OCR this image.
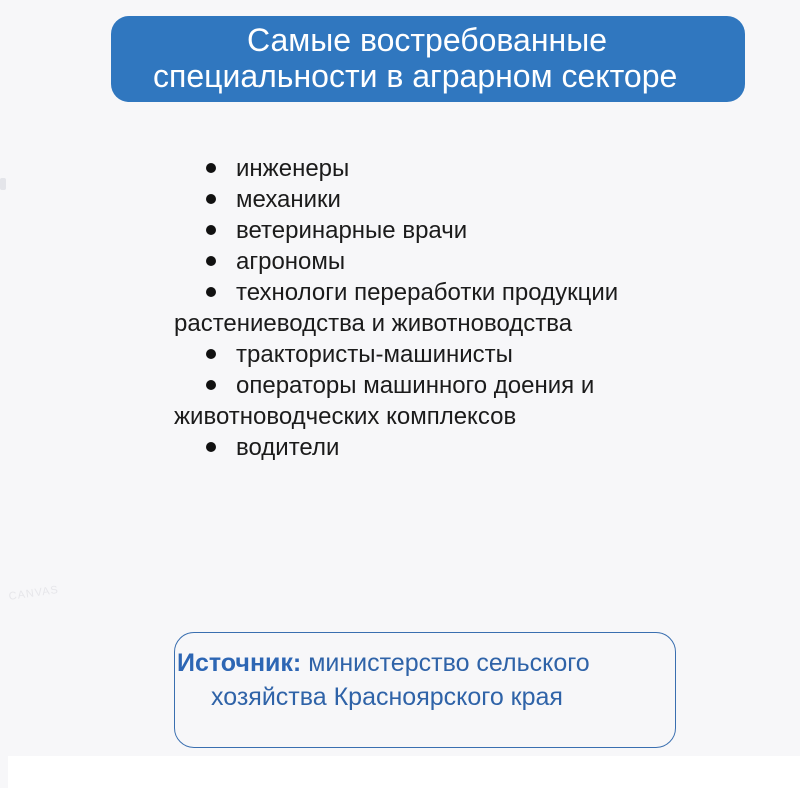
Самые востребованные
специальности в аграрном секторе
инженеры
механики
ветеринарные врачи
агрономы
технологи переработки продукции
растениеводства и животноводства
трактористы-машинисты
операторы машинного доения и
животноводческих комплексов
водители
CANVAS
Источник: министерство сельского
хозяйства Красноярского края
